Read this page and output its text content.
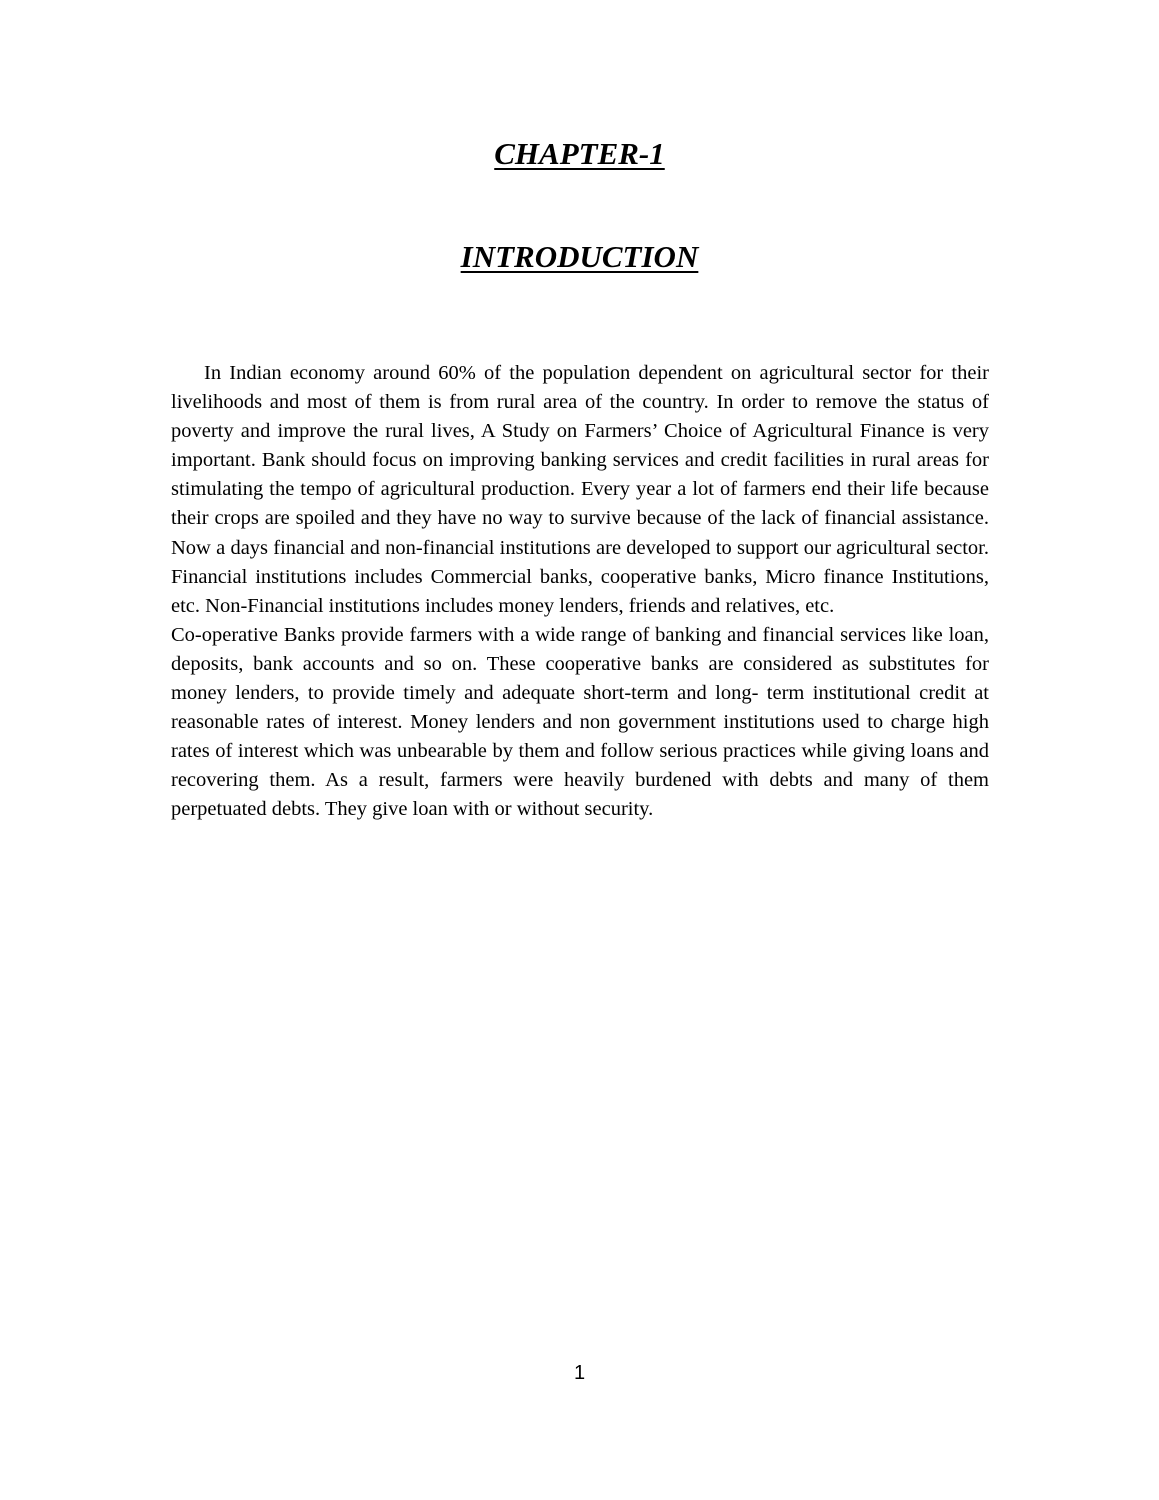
CHAPTER-1
INTRODUCTION

In Indian economy around 60% of the population dependent on agricultural sector for their livelihoods and most of them is from rural area of the country. In order to remove the status of poverty and improve the rural lives, A Study on Farmers’ Choice of Agricultural Finance is very important. Bank should focus on improving banking services and credit facilities in rural areas for stimulating the tempo of agricultural production. Every year a lot of farmers end their life because their crops are spoiled and they have no way to survive because of the lack of financial assistance. Now a days financial and non-financial institutions are developed to support our agricultural sector. Financial institutions includes Commercial banks, cooperative banks, Micro finance Institutions, etc. Non-Financial institutions includes money lenders, friends and relatives, etc.

Co-operative Banks provide farmers with a wide range of banking and financial services like loan, deposits, bank accounts and so on. These cooperative banks are considered as substitutes for money lenders, to provide timely and adequate short-term and long- term institutional credit at reasonable rates of interest. Money lenders and non government institutions used to charge high rates of interest which was unbearable by them and follow serious practices while giving loans and recovering them. As a result, farmers were heavily burdened with debts and many of them perpetuated debts. They give loan with or without security.

1
